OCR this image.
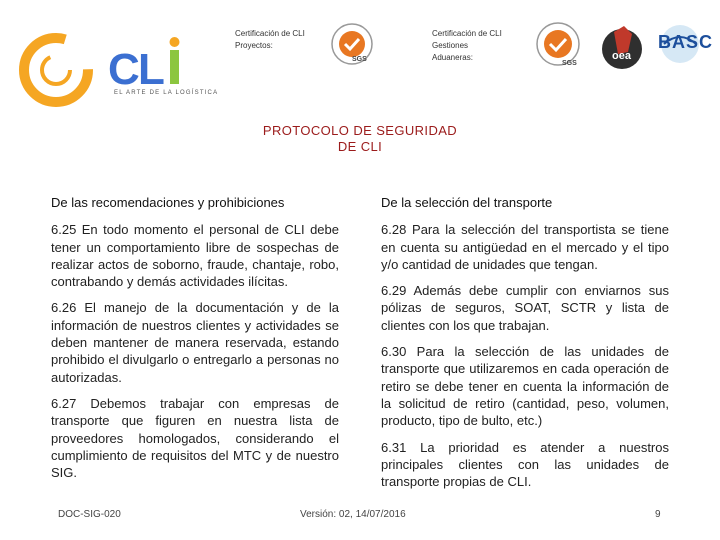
C
L
EL ARTE DE LA LOGÍSTICA
Certificación de CLI
Proyectos:
SGS
Certificación de CLI
Gestiones
Aduaneras:
SGS
oea
BASC
PROTOCOLO DE SEGURIDAD
DE CLI
De las recomendaciones y prohibiciones

6.25 En todo momento el personal de CLI debe tener un comportamiento libre de sospechas de realizar actos de soborno, fraude, chantaje, robo, contrabando y demás actividades ilícitas.

6.26 El manejo de la documentación y de la información de nuestros clientes y actividades se deben mantener de manera reservada, estando prohibido el divulgarlo o entregarlo a personas no autorizadas.

6.27 Debemos trabajar con empresas de transporte que figuren en nuestra lista de proveedores homologados, considerando el cumplimiento de requisitos del MTC y de nuestro SIG.

De la selección del transporte

6.28 Para la selección del transportista se tiene en cuenta su antigüedad en el mercado y el tipo y/o cantidad de unidades que tengan.

6.29 Además debe cumplir con enviarnos sus pólizas de seguros, SOAT, SCTR y lista de clientes con los que trabajan.

6.30 Para la selección de las unidades de transporte que utilizaremos en cada operación de retiro se debe tener en cuenta la información de la solicitud de retiro (cantidad, peso, volumen, producto, tipo de bulto, etc.)

6.31 La prioridad es atender a nuestros principales clientes con las unidades de transporte propias de CLI.

DOC-SIG-020	Versión: 02, 14/07/2016	9
